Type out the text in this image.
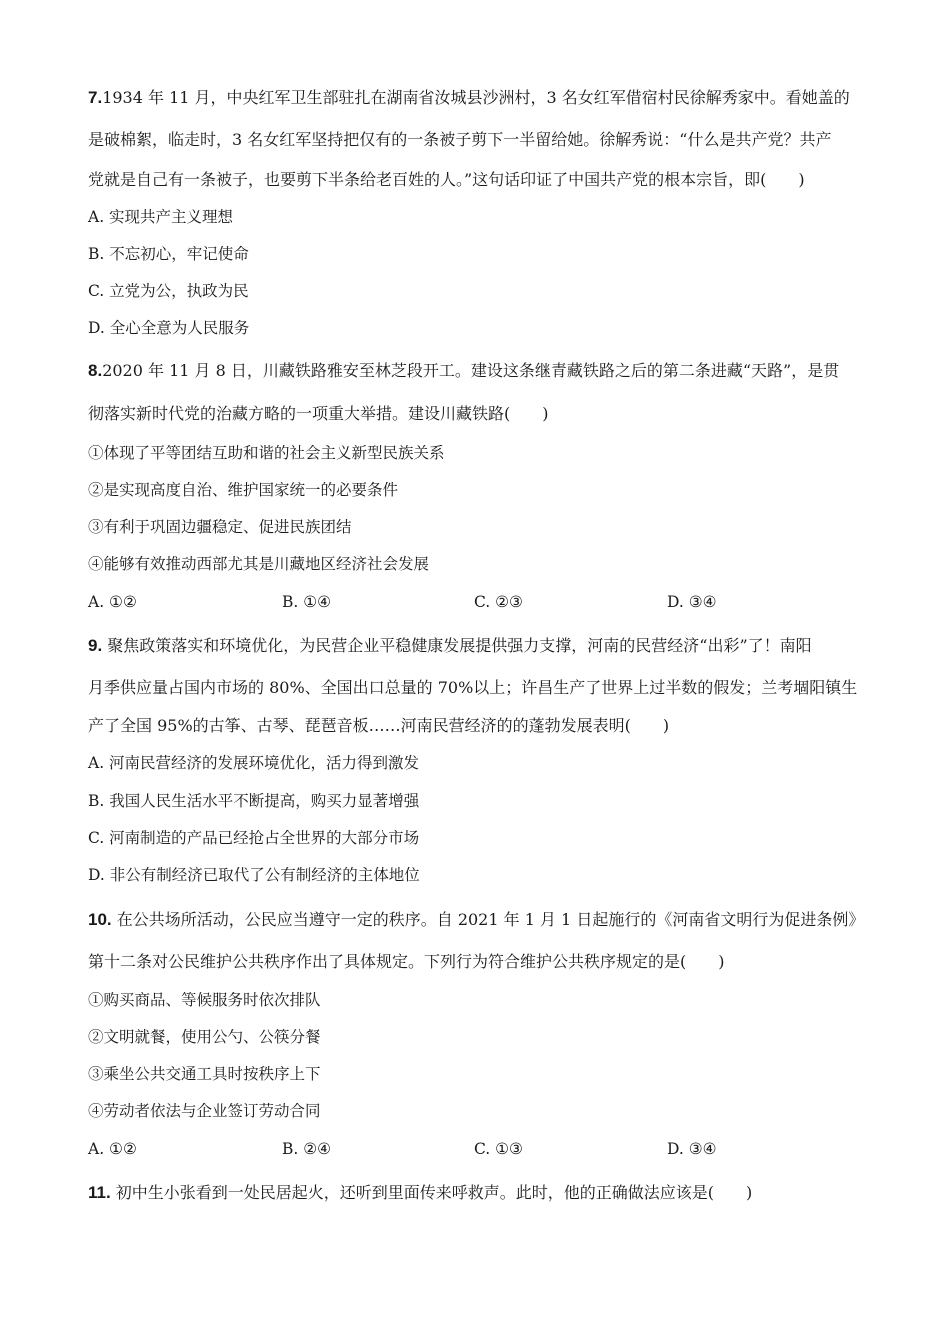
7.1934 年 11 月，中央红军卫生部驻扎在湖南省汝城县沙洲村，3 名女红军借宿村民徐解秀家中。看她盖的
是破棉絮，临走时，3 名女红军坚持把仅有的一条被子剪下一半留给她。徐解秀说：“什么是共产党？共产
党就是自己有一条被子，也要剪下半条给老百姓的人。”这句话印证了中国共产党的根本宗旨，即(　　)
A. 实现共产主义理想
B. 不忘初心，牢记使命
C. 立党为公，执政为民
D. 全心全意为人民服务
8.2020 年 11 月 8 日，川藏铁路雅安至林芝段开工。建设这条继青藏铁路之后的第二条进藏“天路”，是贯
彻落实新时代党的治藏方略的一项重大举措。建设川藏铁路(　　)
①体现了平等团结互助和谐的社会主义新型民族关系
②是实现高度自治、维护国家统一的必要条件
③有利于巩固边疆稳定、促进民族团结
④能够有效推动西部尤其是川藏地区经济社会发展
A. ①②	B. ①④	C. ②③	D. ③④
9. 聚焦政策落实和环境优化，为民营企业平稳健康发展提供强力支撑，河南的民营经济“出彩”了！南阳
月季供应量占国内市场的 80%、全国出口总量的 70%以上；许昌生产了世界上过半数的假发；兰考堌阳镇生
产了全国 95%的古筝、古琴、琵琶音板……河南民营经济的的蓬勃发展表明(　　)
A. 河南民营经济的发展环境优化，活力得到激发
B. 我国人民生活水平不断提高，购买力显著增强
C. 河南制造的产品已经抢占全世界的大部分市场
D. 非公有制经济已取代了公有制经济的主体地位
10. 在公共场所活动，公民应当遵守一定的秩序。自 2021 年 1 月 1 日起施行的《河南省文明行为促进条例》
第十二条对公民维护公共秩序作出了具体规定。下列行为符合维护公共秩序规定的是(　　)
①购买商品、等候服务时依次排队
②文明就餐，使用公勺、公筷分餐
③乘坐公共交通工具时按秩序上下
④劳动者依法与企业签订劳动合同
A. ①②	B. ②④	C. ①③	D. ③④
11. 初中生小张看到一处民居起火，还听到里面传来呼救声。此时，他的正确做法应该是(　　)
